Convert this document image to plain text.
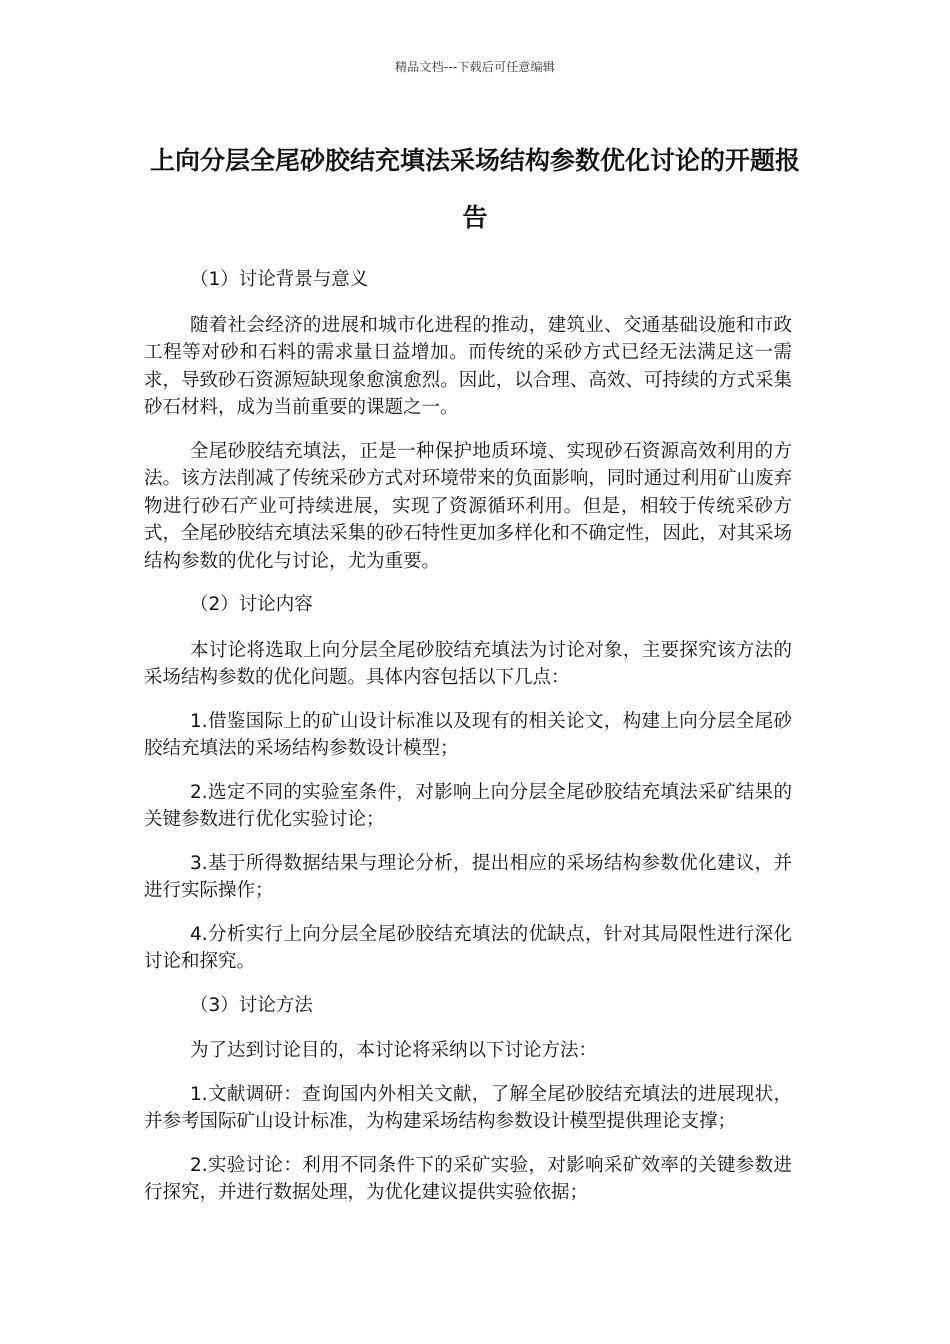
精品文档---下载后可任意编辑
上向分层全尾砂胶结充填法采场结构参数优化讨论的开题报告

（1）讨论背景与意义

随着社会经济的进展和城市化进程的推动，建筑业、交通基础设施和市政工程等对砂和石料的需求量日益增加。而传统的采砂方式已经无法满足这一需求，导致砂石资源短缺现象愈演愈烈。因此，以合理、高效、可持续的方式采集砂石材料，成为当前重要的课题之一。

全尾砂胶结充填法，正是一种保护地质环境、实现砂石资源高效利用的方法。该方法削减了传统采砂方式对环境带来的负面影响，同时通过利用矿山废弃物进行砂石产业可持续进展，实现了资源循环利用。但是，相较于传统采砂方式，全尾砂胶结充填法采集的砂石特性更加多样化和不确定性，因此，对其采场结构参数的优化与讨论，尤为重要。

（2）讨论内容

本讨论将选取上向分层全尾砂胶结充填法为讨论对象，主要探究该方法的采场结构参数的优化问题。具体内容包括以下几点：

1.借鉴国际上的矿山设计标准以及现有的相关论文，构建上向分层全尾砂胶结充填法的采场结构参数设计模型；

2.选定不同的实验室条件，对影响上向分层全尾砂胶结充填法采矿结果的关键参数进行优化实验讨论；

3.基于所得数据结果与理论分析，提出相应的采场结构参数优化建议，并进行实际操作；

4.分析实行上向分层全尾砂胶结充填法的优缺点，针对其局限性进行深化讨论和探究。

（3）讨论方法

为了达到讨论目的，本讨论将采纳以下讨论方法：

1.文献调研：查询国内外相关文献，了解全尾砂胶结充填法的进展现状，并参考国际矿山设计标准，为构建采场结构参数设计模型提供理论支撑；

2.实验讨论：利用不同条件下的采矿实验，对影响采矿效率的关键参数进行探究，并进行数据处理，为优化建议提供实验依据；
